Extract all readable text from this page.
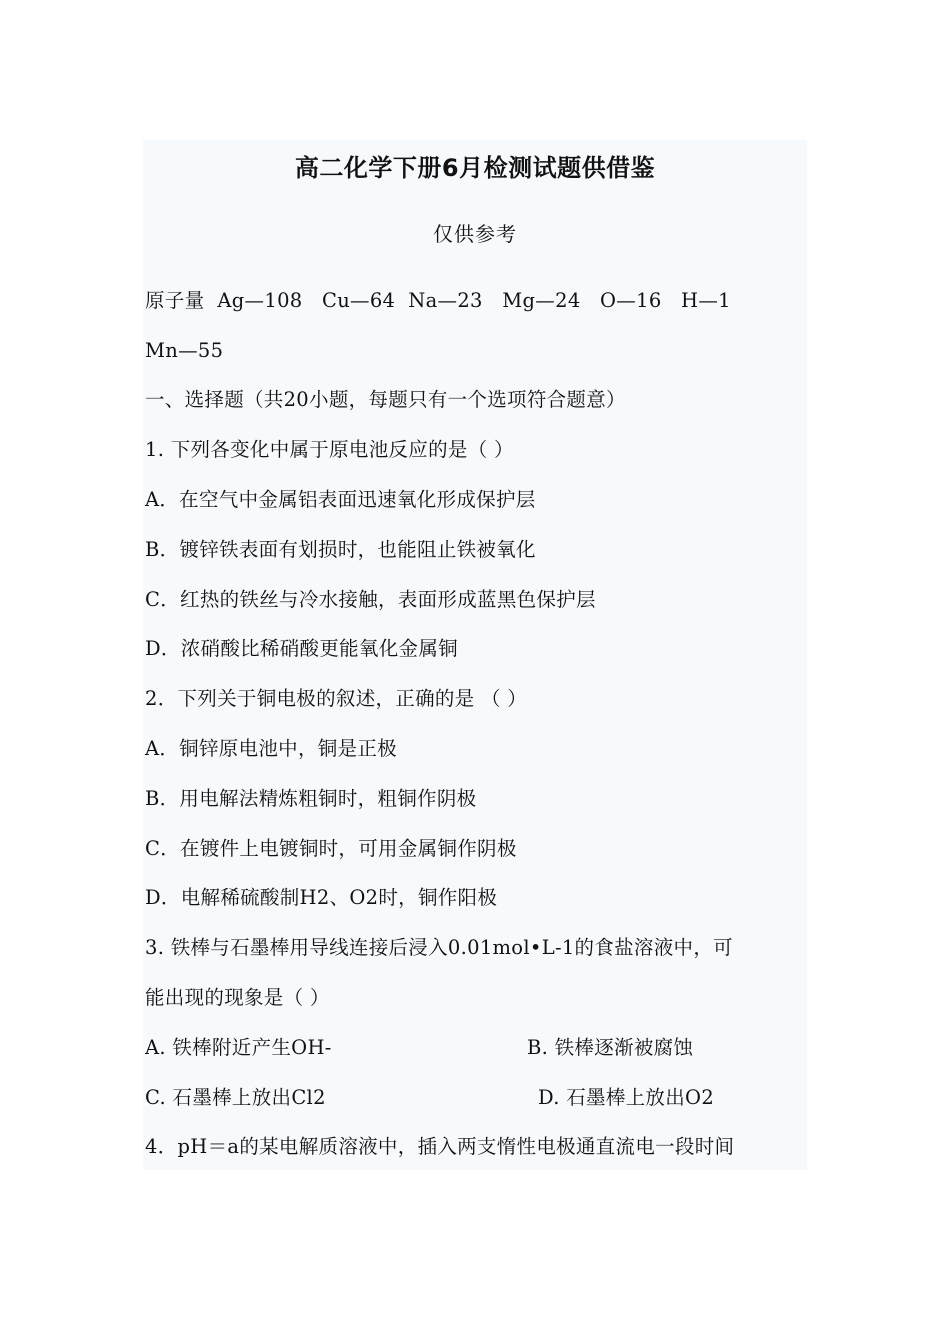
高二化学下册6月检测试题供借鉴
仅供参考
原子量  Ag—108   Cu—64  Na—23   Mg—24   O—16   H—1
Mn—55
一、选择题（共20小题，每题只有一个选项符合题意）
1. 下列各变化中属于原电池反应的是（ ）
A．在空气中金属铝表面迅速氧化形成保护层
B．镀锌铁表面有划损时，也能阻止铁被氧化
C．红热的铁丝与冷水接触，表面形成蓝黑色保护层
D．浓硝酸比稀硝酸更能氧化金属铜
2．下列关于铜电极的叙述，正确的是 （ ）
A．铜锌原电池中，铜是正极
B．用电解法精炼粗铜时，粗铜作阴极
C．在镀件上电镀铜时，可用金属铜作阴极
D．电解稀硫酸制H2、O2时，铜作阳极
3. 铁棒与石墨棒用导线连接后浸入0.01mol•L-1的食盐溶液中，可
能出现的现象是（ ）
A. 铁棒附近产生OH-	B. 铁棒逐渐被腐蚀
C. 石墨棒上放出Cl2	D. 石墨棒上放出O2
4．pH＝a的某电解质溶液中，插入两支惰性电极通直流电一段时间
